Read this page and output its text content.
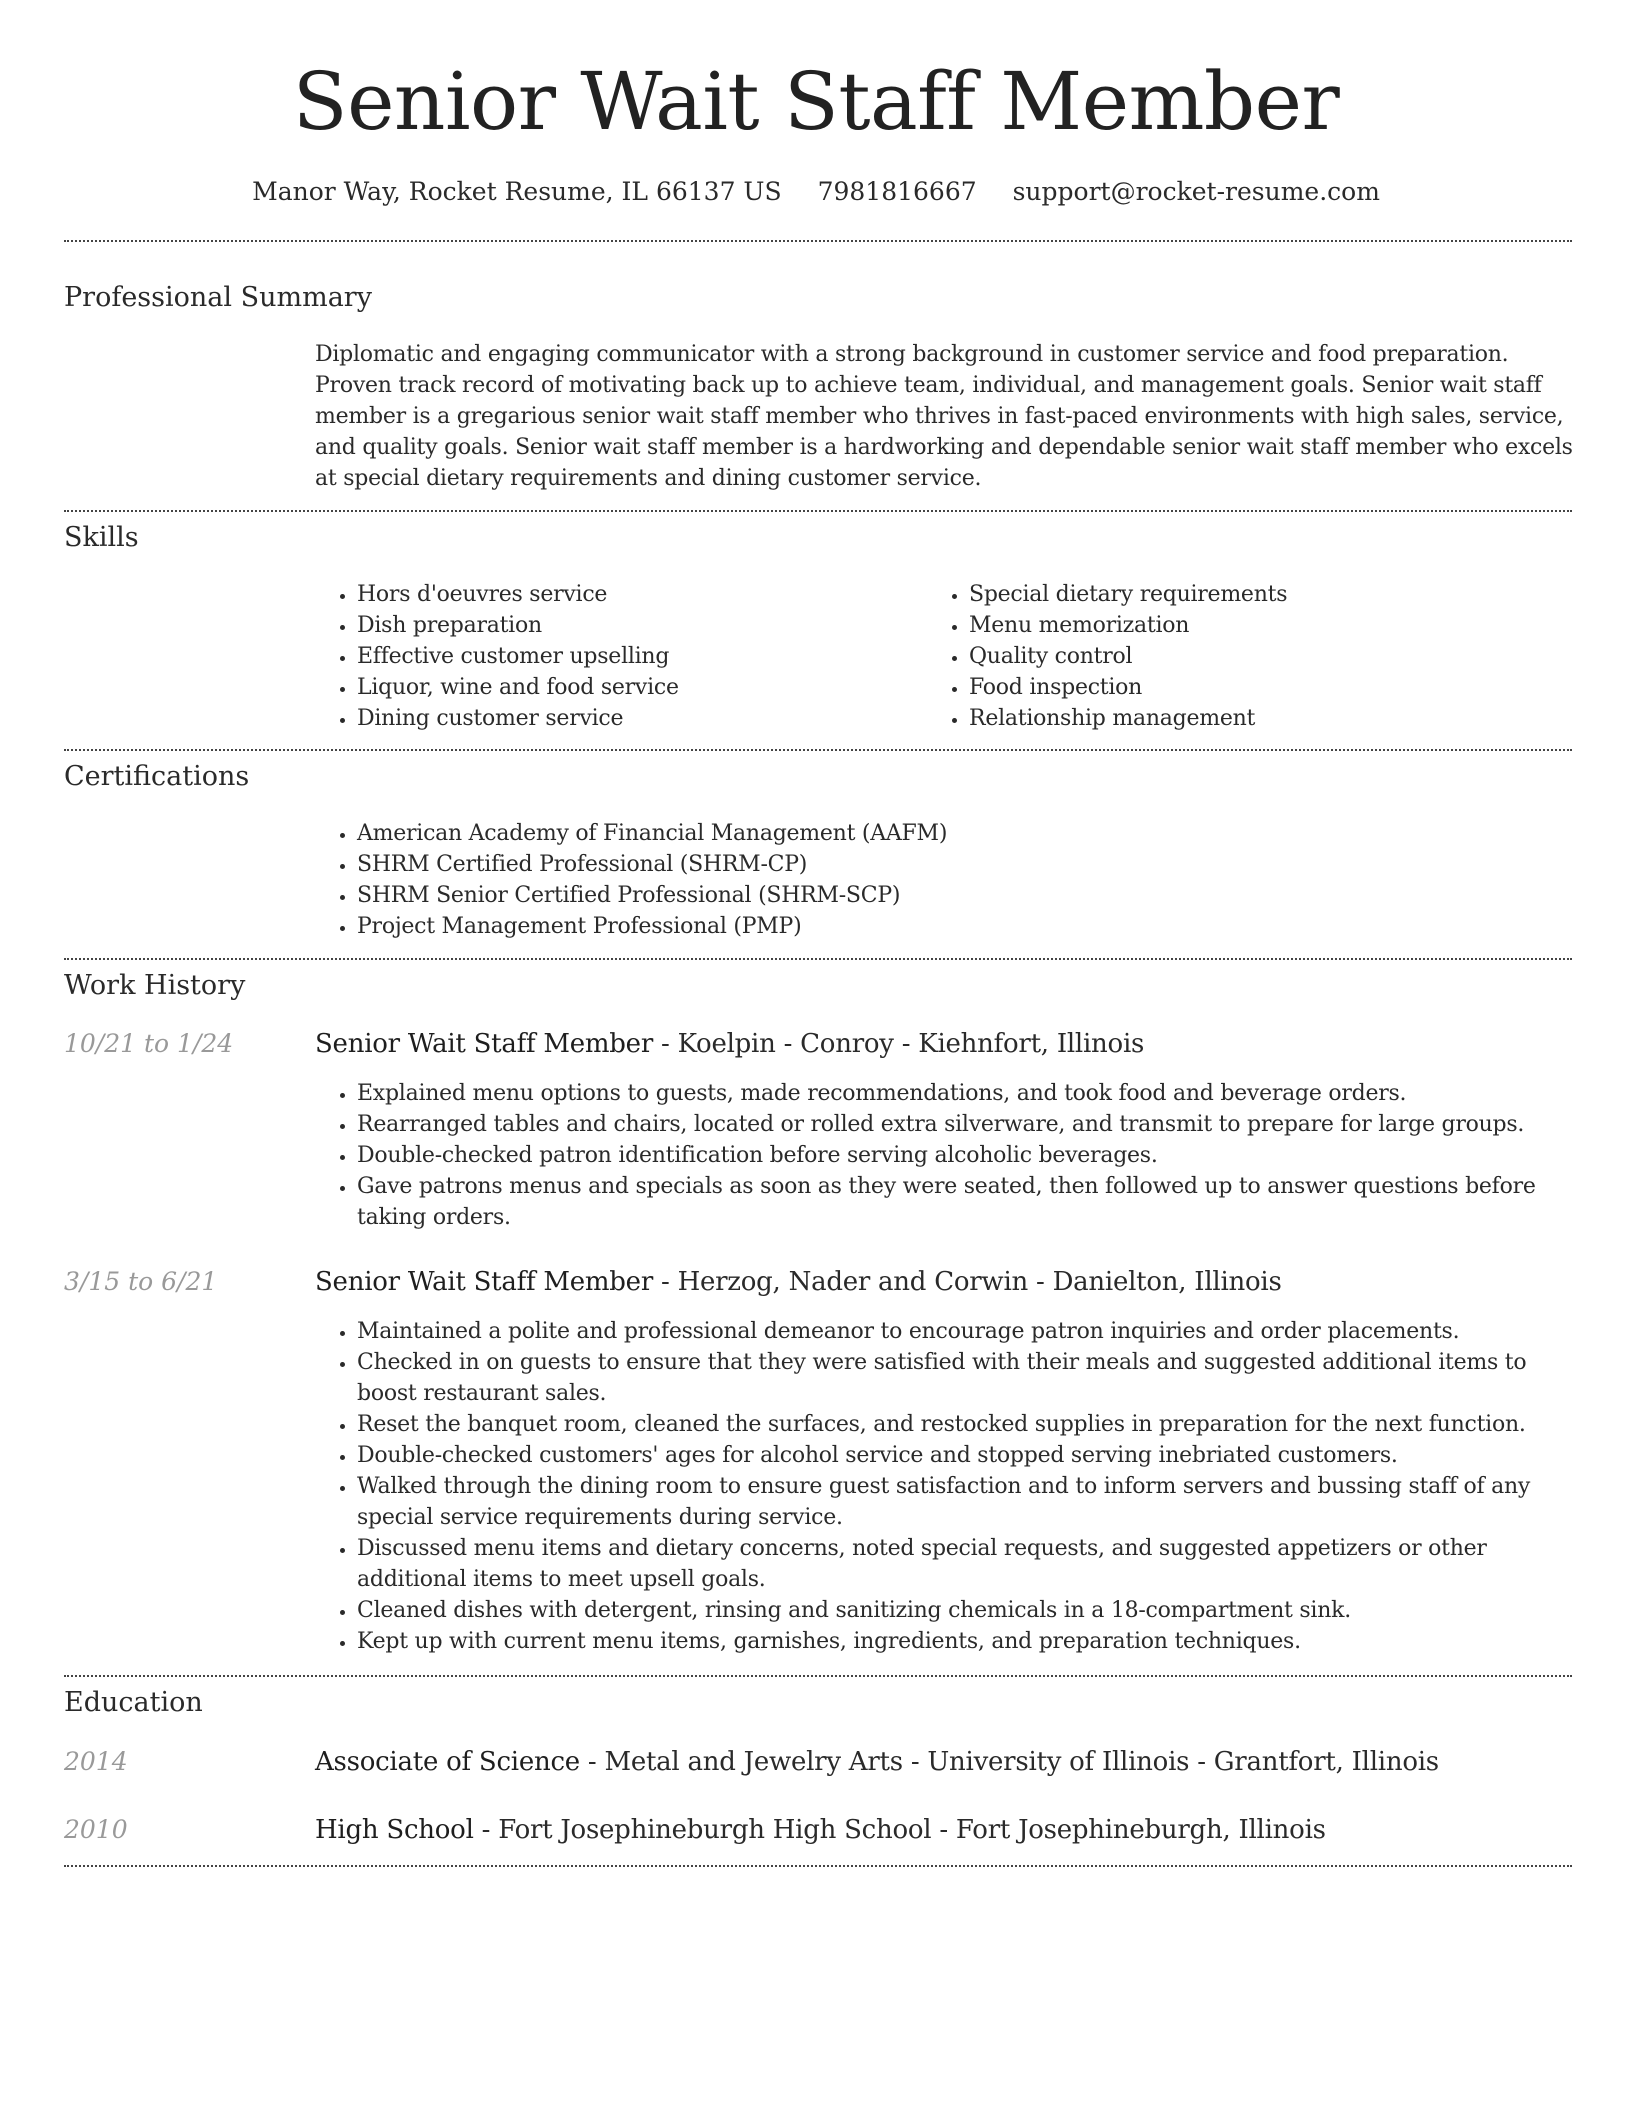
Senior Wait Staff Member
Manor Way, Rocket Resume, IL 66137 US 7981816667 support@rocket-resume.com
Professional Summary
Diplomatic and engaging communicator with a strong background in customer service and food preparation. Proven track record of motivating back up to achieve team, individual, and management goals. Senior wait staff member is a gregarious senior wait staff member who thrives in fast-paced environments with high sales, service, and quality goals. Senior wait staff member is a hardworking and dependable senior wait staff member who excels at special dietary requirements and dining customer service.
Skills
• Hors d'oeuvres service
• Dish preparation
• Effective customer upselling
• Liquor, wine and food service
• Dining customer service
• Special dietary requirements
• Menu memorization
• Quality control
• Food inspection
• Relationship management
Certifications
• American Academy of Financial Management (AAFM)
• SHRM Certified Professional (SHRM-CP)
• SHRM Senior Certified Professional (SHRM-SCP)
• Project Management Professional (PMP)
Work History
10/21 to 1/24	Senior Wait Staff Member - Koelpin - Conroy - Kiehnfort, Illinois
• Explained menu options to guests, made recommendations, and took food and beverage orders.
• Rearranged tables and chairs, located or rolled extra silverware, and transmit to prepare for large groups.
• Double-checked patron identification before serving alcoholic beverages.
• Gave patrons menus and specials as soon as they were seated, then followed up to answer questions before taking orders.
3/15 to 6/21	Senior Wait Staff Member - Herzog, Nader and Corwin - Danielton, Illinois
• Maintained a polite and professional demeanor to encourage patron inquiries and order placements.
• Checked in on guests to ensure that they were satisfied with their meals and suggested additional items to boost restaurant sales.
• Reset the banquet room, cleaned the surfaces, and restocked supplies in preparation for the next function.
• Double-checked customers' ages for alcohol service and stopped serving inebriated customers.
• Walked through the dining room to ensure guest satisfaction and to inform servers and bussing staff of any special service requirements during service.
• Discussed menu items and dietary concerns, noted special requests, and suggested appetizers or other additional items to meet upsell goals.
• Cleaned dishes with detergent, rinsing and sanitizing chemicals in a 18-compartment sink.
• Kept up with current menu items, garnishes, ingredients, and preparation techniques.
Education
2014	Associate of Science - Metal and Jewelry Arts - University of Illinois - Grantfort, Illinois
2010	High School - Fort Josephineburgh High School - Fort Josephineburgh, Illinois
